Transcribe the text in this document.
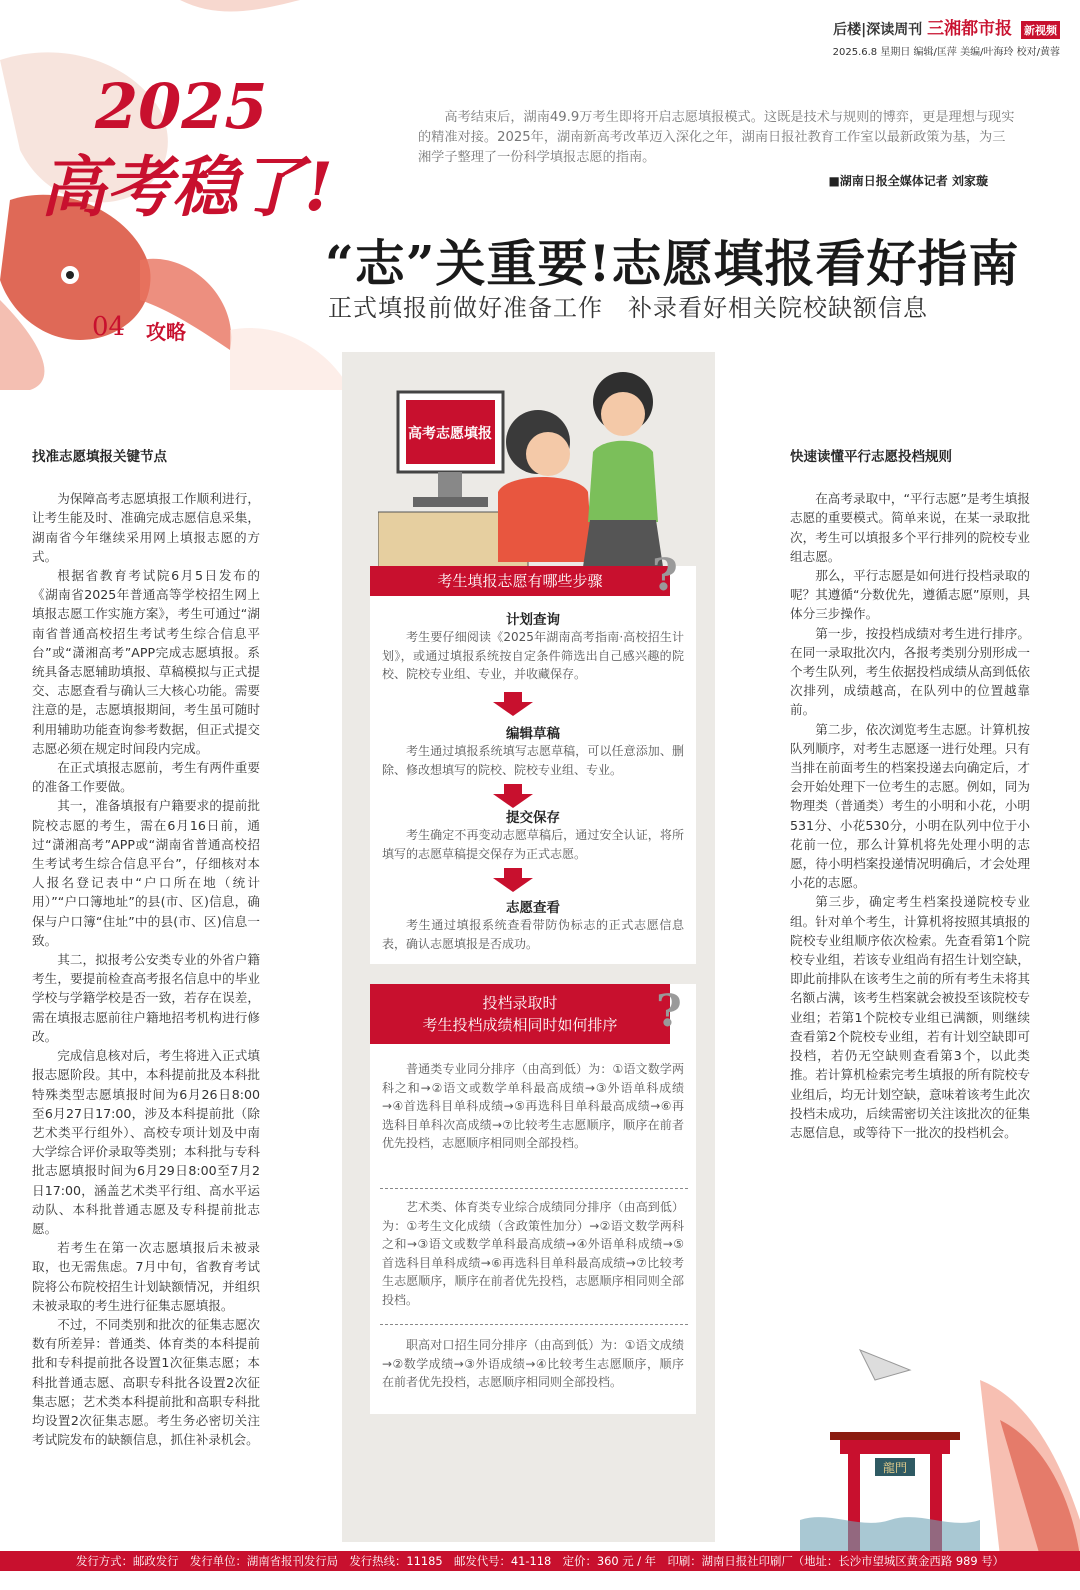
2025
高考稳了!
后楼|深读周刊 三湘都市报 新视频
2025.6.8 星期日 编辑/匡萍 美编/叶海玲 校对/黄蓉
高考结束后，湖南49.9万考生即将开启志愿填报模式。这既是技术与规则的博弈，更是理想与现实的精准对接。2025年，湖南新高考改革迈入深化之年，湖南日报社教育工作室以最新政策为基，为三湘学子整理了一份科学填报志愿的指南。
■湖南日报全媒体记者 刘家璇
“志”关重要!志愿填报看好指南
正式填报前做好准备工作　补录看好相关院校缺额信息
04 攻略
找准志愿填报关键节点

为保障高考志愿填报工作顺利进行，让考生能及时、准确完成志愿信息采集，湖南省今年继续采用网上填报志愿的方式。

根据省教育考试院6月5日发布的《湖南省2025年普通高等学校招生网上填报志愿工作实施方案》，考生可通过“湖南省普通高校招生考试考生综合信息平台”或“潇湘高考”APP完成志愿填报。系统具备志愿辅助填报、草稿模拟与正式提交、志愿查看与确认三大核心功能。需要注意的是，志愿填报期间，考生虽可随时利用辅助功能查询参考数据，但正式提交志愿必须在规定时间段内完成。

在正式填报志愿前，考生有两件重要的准备工作要做。

其一，准备填报有户籍要求的提前批院校志愿的考生，需在6月16日前，通过“潇湘高考”APP或“湖南省普通高校招生考试考生综合信息平台”，仔细核对本人报名登记表中“户口所在地（统计用）”“户口簿地址”的县(市、区)信息，确保与户口簿“住址”中的县(市、区)信息一致。

其二，拟报考公安类专业的外省户籍考生，要提前检查高考报名信息中的毕业学校与学籍学校是否一致，若存在误差，需在填报志愿前往户籍地招考机构进行修改。

完成信息核对后，考生将进入正式填报志愿阶段。其中，本科提前批及本科批特殊类型志愿填报时间为6月26日8:00至6月27日17:00，涉及本科提前批（除艺术类平行组外）、高校专项计划及中南大学综合评价录取等类别；本科批与专科批志愿填报时间为6月29日8:00至7月2日17:00，涵盖艺术类平行组、高水平运动队、本科批普通志愿及专科提前批志愿。

若考生在第一次志愿填报后未被录取，也无需焦虑。7月中旬，省教育考试院将公布院校招生计划缺额情况，并组织未被录取的考生进行征集志愿填报。

不过，不同类别和批次的征集志愿次数有所差异：普通类、体育类的本科提前批和专科提前批各设置1次征集志愿；本科批普通志愿、高职专科批各设置2次征集志愿；艺术类本科提前批和高职专科批均设置2次征集志愿。考生务必密切关注考试院发布的缺额信息，抓住补录机会。

高考志愿填报
考生填报志愿有哪些步骤	?
计划查询
考生要仔细阅读《2025年湖南高考指南·高校招生计划》，或通过填报系统按自定条件筛选出自己感兴趣的院校、院校专业组、专业，并收藏保存。
编辑草稿
考生通过填报系统填写志愿草稿，可以任意添加、删除、修改想填写的院校、院校专业组、专业。
提交保存
考生确定不再变动志愿草稿后，通过安全认证，将所填写的志愿草稿提交保存为正式志愿。
志愿查看
考生通过填报系统查看带防伪标志的正式志愿信息表，确认志愿填报是否成功。
投档录取时
考生投档成绩相同时如何排序 ?
普通类专业同分排序（由高到低）为：①语文数学两科之和→②语文或数学单科最高成绩→③外语单科成绩→④首选科目单科成绩→⑤再选科目单科最高成绩→⑥再选科目单科次高成绩→⑦比较考生志愿顺序，顺序在前者优先投档，志愿顺序相同则全部投档。
艺术类、体育类专业综合成绩同分排序（由高到低）为：①考生文化成绩（含政策性加分）→②语文数学两科之和→③语文或数学单科最高成绩→④外语单科成绩→⑤首选科目单科成绩→⑥再选科目单科最高成绩→⑦比较考生志愿顺序，顺序在前者优先投档，志愿顺序相同则全部投档。
职高对口招生同分排序（由高到低）为：①语文成绩→②数学成绩→③外语成绩→④比较考生志愿顺序，顺序在前者优先投档，志愿顺序相同则全部投档。
快速读懂平行志愿投档规则

在高考录取中，“平行志愿”是考生填报志愿的重要模式。简单来说，在某一录取批次，考生可以填报多个平行排列的院校专业组志愿。

那么，平行志愿是如何进行投档录取的呢？其遵循“分数优先，遵循志愿”原则，具体分三步操作。

第一步，按投档成绩对考生进行排序。在同一录取批次内，各报考类别分别形成一个考生队列，考生依据投档成绩从高到低依次排列，成绩越高，在队列中的位置越靠前。

第二步，依次浏览考生志愿。计算机按队列顺序，对考生志愿逐一进行处理。只有当排在前面考生的档案投递去向确定后，才会开始处理下一位考生的志愿。例如，同为物理类（普通类）考生的小明和小花，小明531分、小花530分，小明在队列中位于小花前一位，那么计算机将先处理小明的志愿，待小明档案投递情况明确后，才会处理小花的志愿。

第三步，确定考生档案投递院校专业组。针对单个考生，计算机将按照其填报的院校专业组顺序依次检索。先查看第1个院校专业组，若该专业组尚有招生计划空缺，即此前排队在该考生之前的所有考生未将其名额占满，该考生档案就会被投至该院校专业组；若第1个院校专业组已满额，则继续查看第2个院校专业组，若有计划空缺即可投档，若仍无空缺则查看第3个，以此类推。若计算机检索完考生填报的所有院校专业组后，均无计划空缺，意味着该考生此次投档未成功，后续需密切关注该批次的征集志愿信息，或等待下一批次的投档机会。

龍門
发行方式：邮政发行　发行单位：湖南省报刊发行局　发行热线：11185　邮发代号：41-118　定价：360 元 / 年　印刷：湖南日报社印刷厂（地址：长沙市望城区黄金西路 989 号）
